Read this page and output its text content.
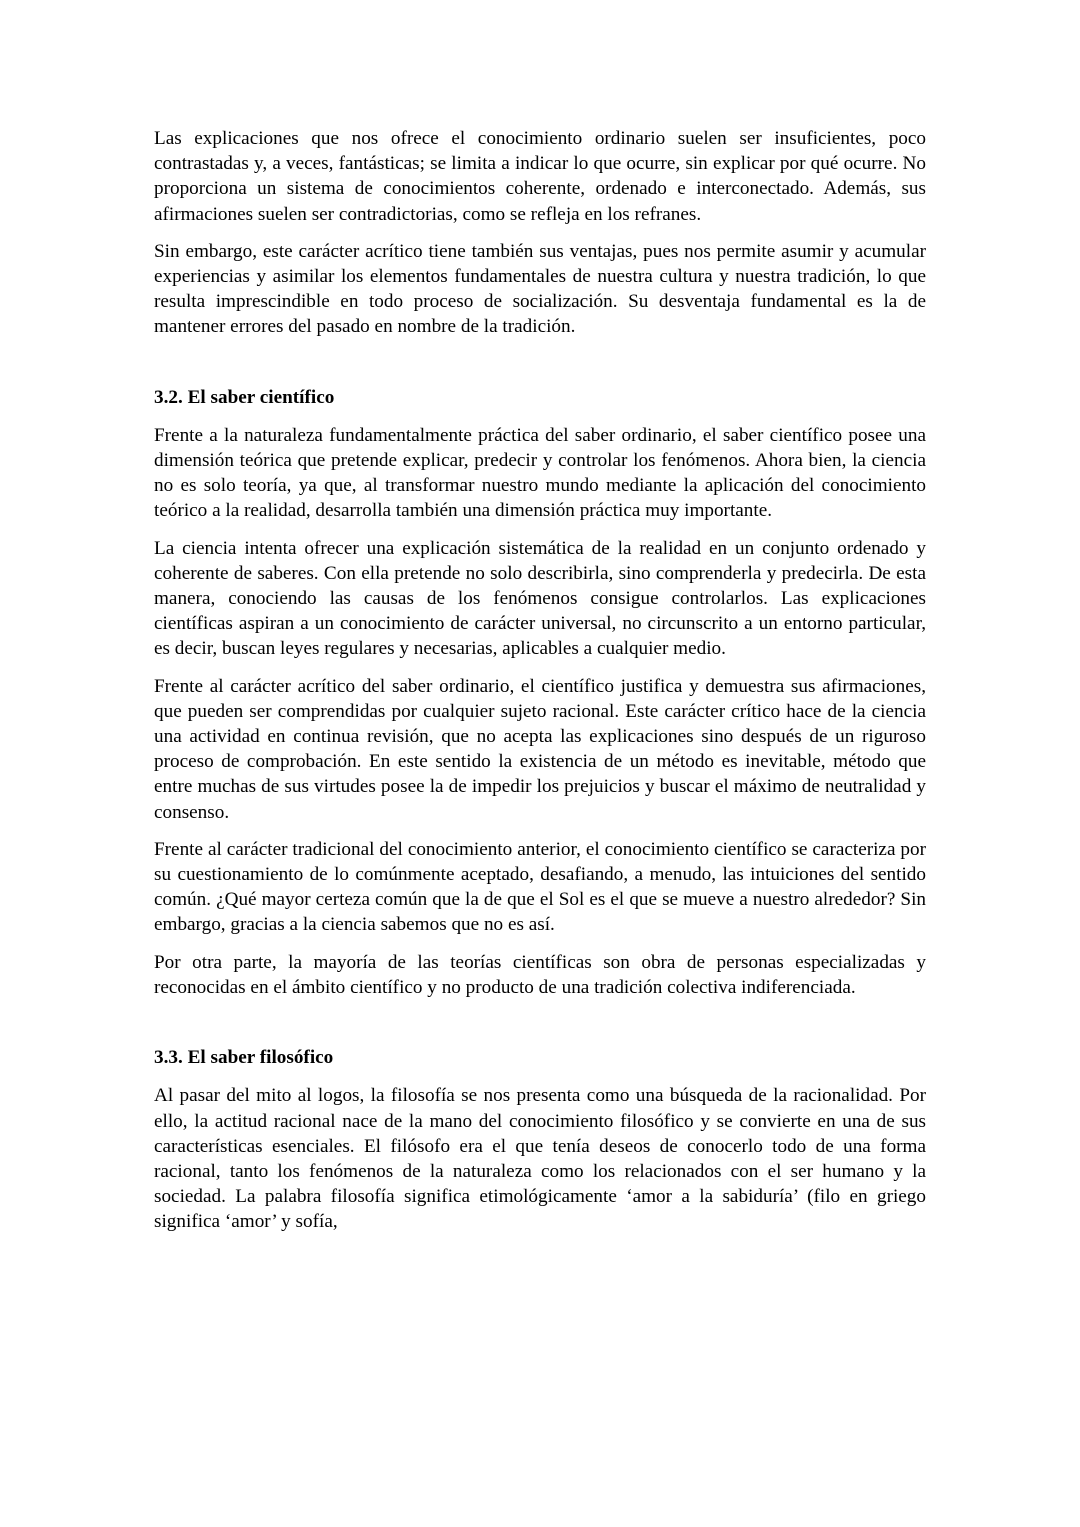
Las explicaciones que nos ofrece el conocimiento ordinario suelen ser insuficientes, poco contrastadas y, a veces, fantásticas; se limita a indicar lo que ocurre, sin explicar por qué ocurre. No proporciona un sistema de conocimientos coherente, ordenado e interconectado. Además, sus afirmaciones suelen ser contradictorias, como se refleja en los refranes.

Sin embargo, este carácter acrítico tiene también sus ventajas, pues nos permite asumir y acumular experiencias y asimilar los elementos fundamentales de nuestra cultura y nuestra tradición, lo que resulta imprescindible en todo proceso de socialización. Su desventaja fundamental es la de mantener errores del pasado en nombre de la tradición.

3.2. El saber científico

Frente a la naturaleza fundamentalmente práctica del saber ordinario, el saber científico posee una dimensión teórica que pretende explicar, predecir y controlar los fenómenos. Ahora bien, la ciencia no es solo teoría, ya que, al transformar nuestro mundo mediante la aplicación del conocimiento teórico a la realidad, desarrolla también una dimensión práctica muy importante.

La ciencia intenta ofrecer una explicación sistemática de la realidad en un conjunto ordenado y coherente de saberes. Con ella pretende no solo describirla, sino comprenderla y predecirla. De esta manera, conociendo las causas de los fenómenos consigue controlarlos. Las explicaciones científicas aspiran a un conocimiento de carácter universal, no circunscrito a un entorno particular, es decir, buscan leyes regulares y necesarias, aplicables a cualquier medio.

Frente al carácter acrítico del saber ordinario, el científico justifica y demuestra sus afirmaciones, que pueden ser comprendidas por cualquier sujeto racional. Este carácter crítico hace de la ciencia una actividad en continua revisión, que no acepta las explicaciones sino después de un riguroso proceso de comprobación. En este sentido la existencia de un método es inevitable, método que entre muchas de sus virtudes posee la de impedir los prejuicios y buscar el máximo de neutralidad y consenso.

Frente al carácter tradicional del conocimiento anterior, el conocimiento científico se caracteriza por su cuestionamiento de lo comúnmente aceptado, desafiando, a menudo, las intuiciones del sentido común. ¿Qué mayor certeza común que la de que el Sol es el que se mueve a nuestro alrededor? Sin embargo, gracias a la ciencia sabemos que no es así.

Por otra parte, la mayoría de las teorías científicas son obra de personas especializadas y reconocidas en el ámbito científico y no producto de una tradición colectiva indiferenciada.

3.3. El saber filosófico

Al pasar del mito al logos, la filosofía se nos presenta como una búsqueda de la racionalidad. Por ello, la actitud racional nace de la mano del conocimiento filosófico y se convierte en una de sus características esenciales. El filósofo era el que tenía deseos de conocerlo todo de una forma racional, tanto los fenómenos de la naturaleza como los relacionados con el ser humano y la sociedad. La palabra filosofía significa etimológicamente ‘amor a la sabiduría’ (filo en griego significa ‘amor’ y sofía,
